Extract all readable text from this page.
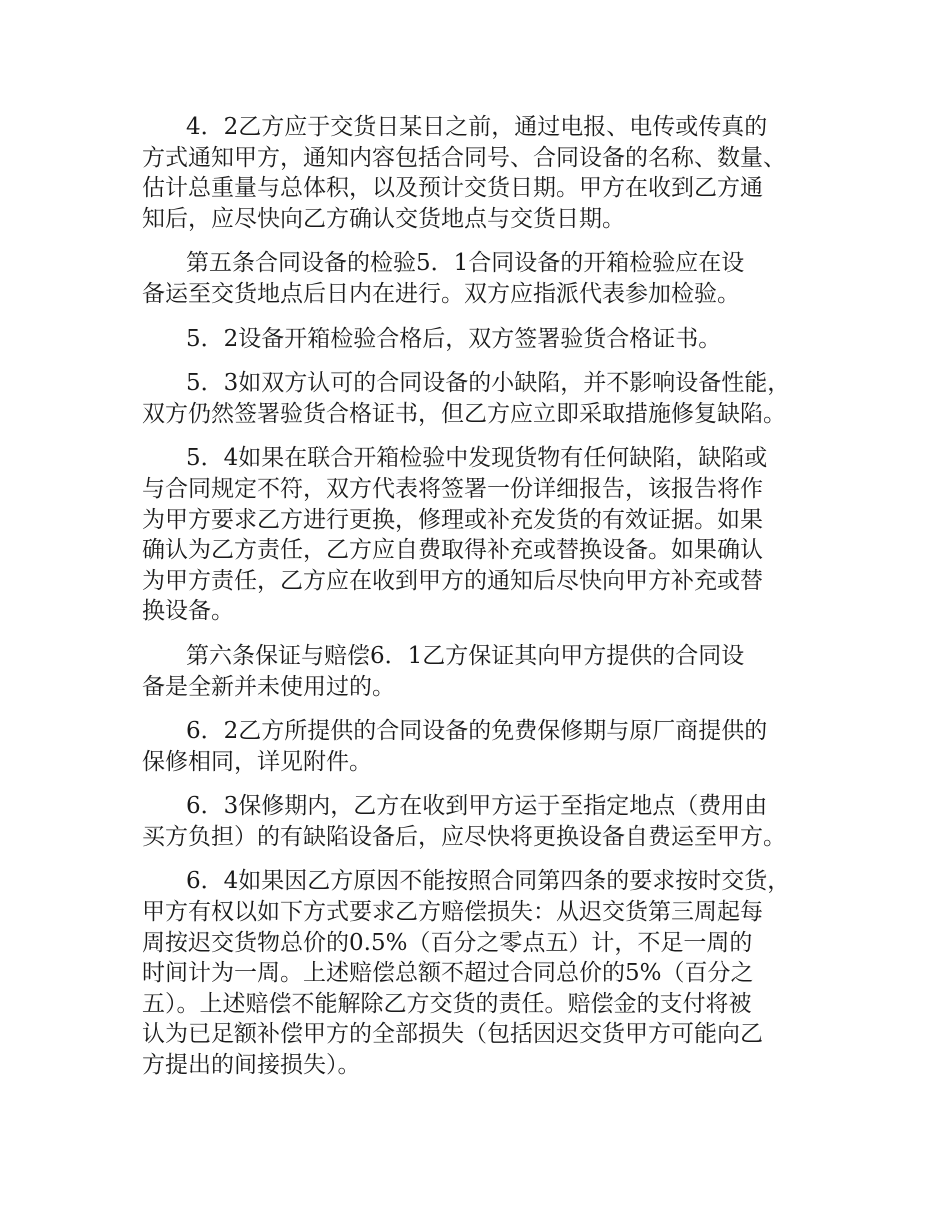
4．2乙方应于交货日某日之前，通过电报、电传或传真的
方式通知甲方，通知内容包括合同号、合同设备的名称、数量、
估计总重量与总体积，以及预计交货日期。甲方在收到乙方通
知后，应尽快向乙方确认交货地点与交货日期。
第五条合同设备的检验5．1合同设备的开箱检验应在设
备运至交货地点后日内在进行。双方应指派代表参加检验。
5．2设备开箱检验合格后，双方签署验货合格证书。
5．3如双方认可的合同设备的小缺陷，并不影响设备性能，
双方仍然签署验货合格证书，但乙方应立即采取措施修复缺陷。
5．4如果在联合开箱检验中发现货物有任何缺陷，缺陷或
与合同规定不符，双方代表将签署一份详细报告，该报告将作
为甲方要求乙方进行更换，修理或补充发货的有效证据。如果
确认为乙方责任，乙方应自费取得补充或替换设备。如果确认
为甲方责任，乙方应在收到甲方的通知后尽快向甲方补充或替
换设备。
第六条保证与赔偿6．1乙方保证其向甲方提供的合同设
备是全新并未使用过的。
6．2乙方所提供的合同设备的免费保修期与原厂商提供的
保修相同，详见附件。
6．3保修期内，乙方在收到甲方运于至指定地点（费用由
买方负担）的有缺陷设备后，应尽快将更换设备自费运至甲方。
6．4如果因乙方原因不能按照合同第四条的要求按时交货，
甲方有权以如下方式要求乙方赔偿损失：从迟交货第三周起每
周按迟交货物总价的0.5%（百分之零点五）计，不足一周的
时间计为一周。上述赔偿总额不超过合同总价的5%（百分之
五）。上述赔偿不能解除乙方交货的责任。赔偿金的支付将被
认为已足额补偿甲方的全部损失（包括因迟交货甲方可能向乙
方提出的间接损失）。
